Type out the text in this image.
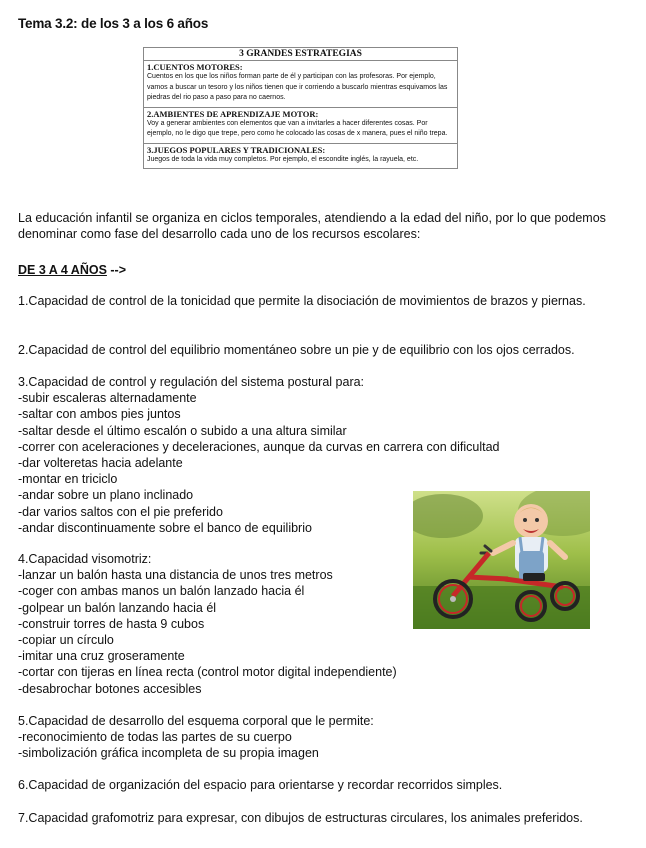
Tema 3.2: de los 3 a los 6 años
3 GRANDES ESTRATEGIAS
1.CUENTOS MOTORES:
Cuentos en los que los niños forman parte de él y participan con las profesoras. Por ejemplo, vamos a buscar un tesoro y los niños tienen que ir corriendo a buscarlo mientras esquivamos las piedras del rio paso a paso para no caernos.
2.AMBIENTES DE APRENDIZAJE MOTOR:
Voy a generar ambientes con elementos que van a invitarles a hacer diferentes cosas. Por ejemplo, no le digo que trepe, pero como he colocado las cosas de x manera, pues el niño trepa.
3.JUEGOS POPULARES Y TRADICIONALES:
Juegos de toda la vida muy completos. Por ejemplo, el escondite inglés, la rayuela, etc.
La educación infantil se organiza en ciclos temporales, atendiendo a la edad del niño, por lo que podemos denominar como fase del desarrollo cada uno de los recursos escolares:
DE 3 A 4 AÑOS -->
1.Capacidad de control de la tonicidad que permite la disociación de movimientos de brazos y piernas.
2.Capacidad de control del equilibrio momentáneo sobre un pie y de equilibrio con los ojos cerrados.
3.Capacidad de control y regulación del sistema postural para:
-subir escaleras alternadamente
-saltar con ambos pies juntos
-saltar desde el último escalón o subido a una altura similar
-correr con aceleraciones y deceleraciones, aunque da curvas en carrera con dificultad
-dar volteretas hacia adelante
-montar en triciclo
-andar sobre un plano inclinado
-dar varios saltos con el pie preferido
-andar discontinuamente sobre el banco de equilibrio
4.Capacidad visomotriz:
-lanzar un balón hasta una distancia de unos tres metros
-coger con ambas manos un balón lanzado hacia él
-golpear un balón lanzando hacia él
-construir torres de hasta 9 cubos
-copiar un círculo
-imitar una cruz groseramente
-cortar con tijeras en línea recta (control motor digital independiente)
-desabrochar botones accesibles
5.Capacidad de desarrollo del esquema corporal que le permite:
-reconocimiento de todas las partes de su cuerpo
-simbolización gráfica incompleta de su propia imagen
6.Capacidad de organización del espacio para orientarse y recordar recorridos simples.
7.Capacidad grafomotriz para expresar, con dibujos de estructuras circulares, los animales preferidos.
